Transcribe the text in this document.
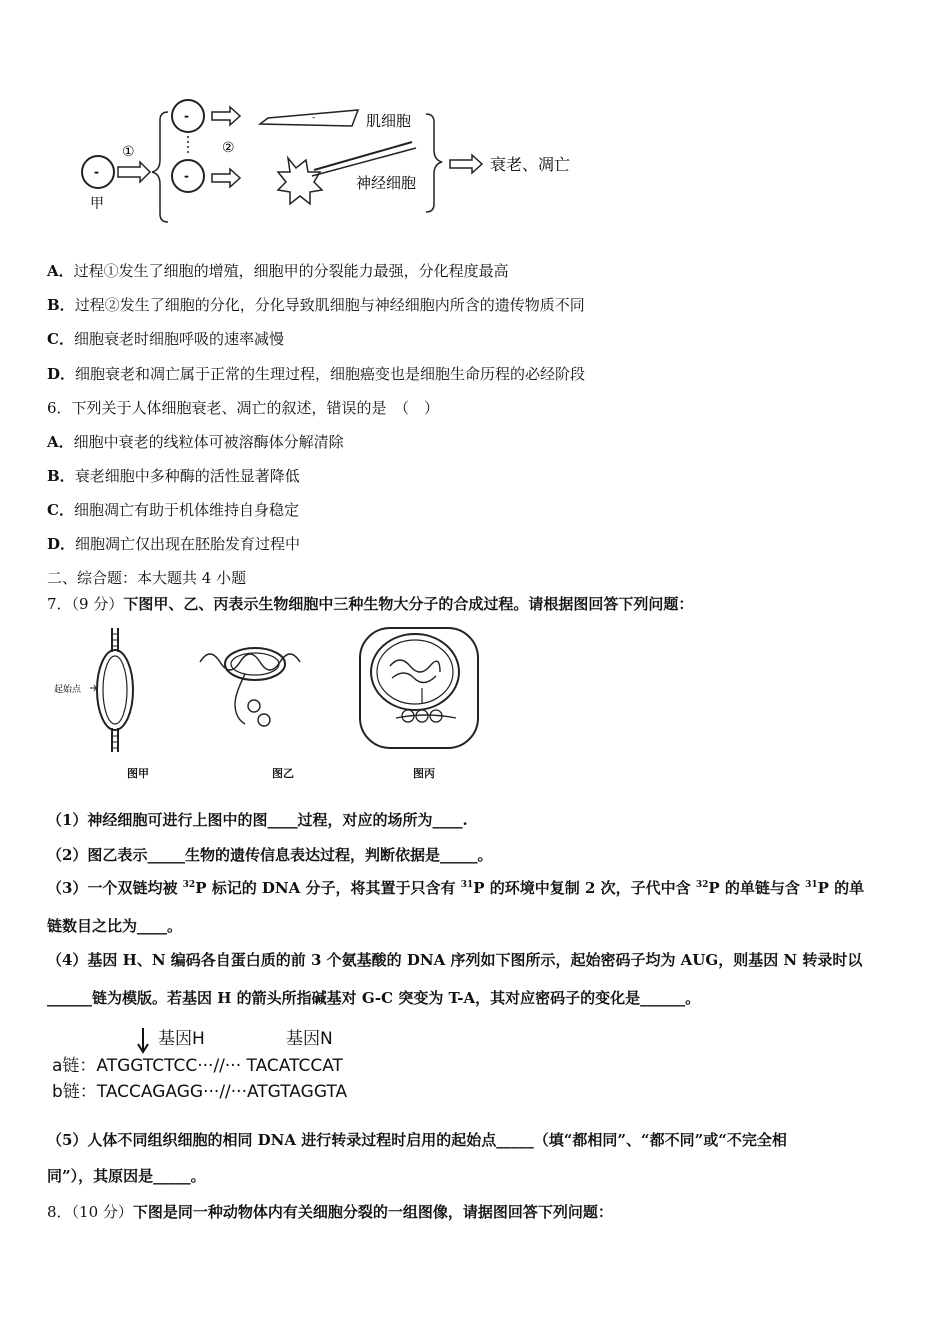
-
甲
①
-
-
②
-	肌细胞
神经细胞
衰老、凋亡
A．过程①发生了细胞的增殖，细胞甲的分裂能力最强，分化程度最高
B．过程②发生了细胞的分化，分化导致肌细胞与神经细胞内所含的遗传物质不同
C．细胞衰老时细胞呼吸的速率减慢
D．细胞衰老和凋亡属于正常的生理过程，细胞癌变也是细胞生命历程的必经阶段
6．下列关于人体细胞衰老、凋亡的叙述，错误的是　（　）
A．细胞中衰老的线粒体可被溶酶体分解清除
B．衰老细胞中多种酶的活性显著降低
C．细胞凋亡有助于机体维持自身稳定
D．细胞凋亡仅出现在胚胎发育过程中
二、综合题：本大题共 4 小题
7．（9 分）下图甲、乙、丙表示生物细胞中三种生物大分子的合成过程。请根据图回答下列问题：
起始点
图甲	图乙	图丙
（1）神经细胞可进行上图中的图____过程，对应的场所为____.
（2）图乙表示_____生物的遗传信息表达过程，判断依据是_____。
（3）一个双链均被 $^{32}$P 标记的 DNA 分子，将其置于只含有 $^{31}$P 的环境中复制 2 次，子代中含 $^{32}$P 的单链与含 $^{31}$P 的单
链数目之比为____。
（4）基因 H、N 编码各自蛋白质的前 3 个氨基酸的 DNA 序列如下图所示，起始密码子均为 AUG，则基因 N 转录时以
______链为模版。若基因 H 的箭头所指碱基对 G-C 突变为 T-A，其对应密码子的变化是______。
基因H	基因N
a链：ATGGTCTCC···//··· TACATCCAT
b链：TACCAGAGG···//···ATGTAGGTA
（5）人体不同组织细胞的相同 DNA 进行转录过程时启用的起始点_____（填“都相同”、“都不同”或“不完全相
同”），其原因是_____。
8．（10 分）下图是同一种动物体内有关细胞分裂的一组图像，请据图回答下列问题：
